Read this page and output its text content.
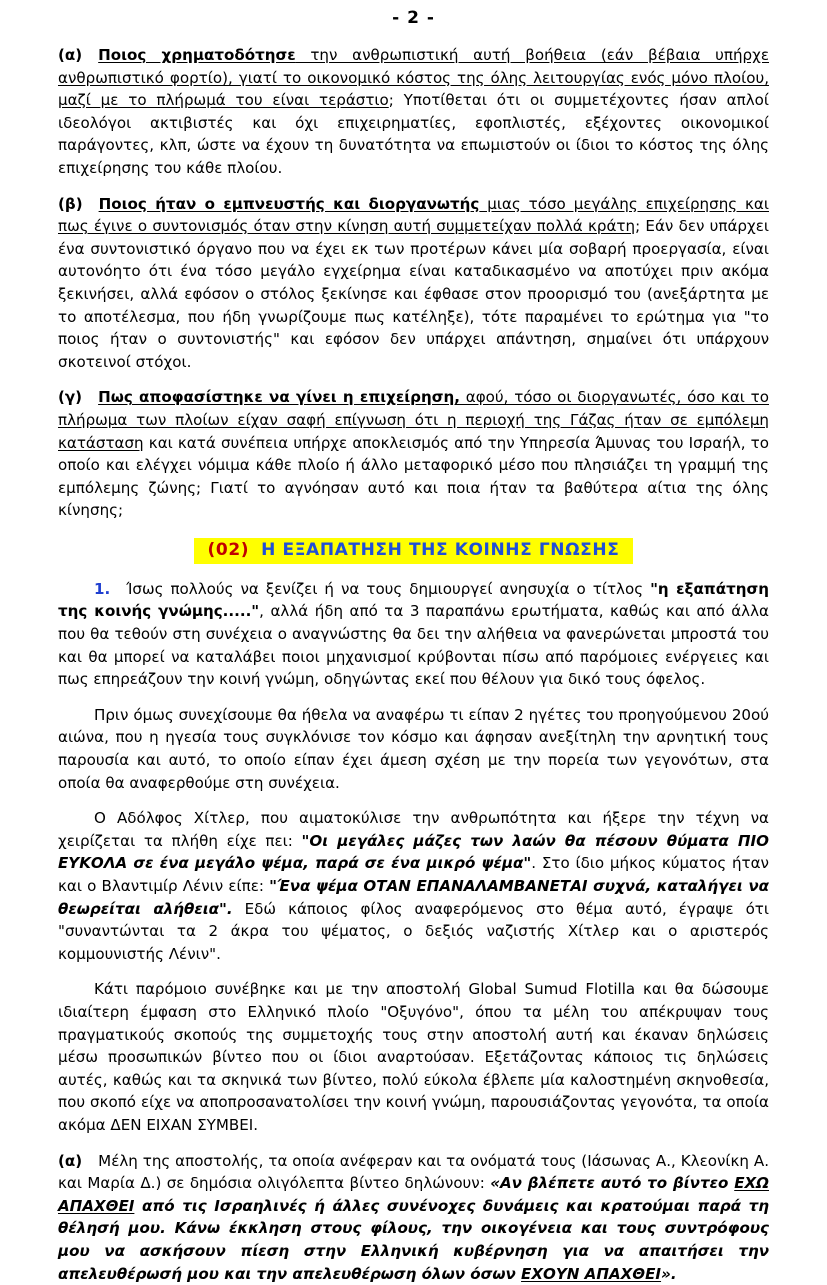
- 2 -

(α) Ποιος χρηματοδότησε την ανθρωπιστική αυτή βοήθεια (εάν βέβαια υπήρχε ανθρωπιστικό φορτίο), γιατί το οικονομικό κόστος της όλης λειτουργίας ενός μόνο πλοίου, μαζί με το πλήρωμά του είναι τεράστιο; Υποτίθεται ότι οι συμμετέχοντες ήσαν απλοί ιδεολόγοι ακτιβιστές και όχι επιχειρηματίες, εφοπλιστές, εξέχοντες οικονομικοί παράγοντες, κλπ, ώστε να έχουν τη δυνατότητα να επωμιστούν οι ίδιοι το κόστος της όλης επιχείρησης του κάθε πλοίου.

(β) Ποιος ήταν ο εμπνευστής και διοργανωτής μιας τόσο μεγάλης επιχείρησης και πως έγινε ο συντονισμός όταν στην κίνηση αυτή συμμετείχαν πολλά κράτη; Εάν δεν υπάρχει ένα συντονιστικό όργανο που να έχει εκ των προτέρων κάνει μία σοβαρή προεργασία, είναι αυτονόητο ότι ένα τόσο μεγάλο εγχείρημα είναι καταδικασμένο να αποτύχει πριν ακόμα ξεκινήσει, αλλά εφόσον ο στόλος ξεκίνησε και έφθασε στον προορισμό του (ανεξάρτητα με το αποτέλεσμα, που ήδη γνωρίζουμε πως κατέληξε), τότε παραμένει το ερώτημα για "το ποιος ήταν ο συντονιστής" και εφόσον δεν υπάρχει απάντηση, σημαίνει ότι υπάρχουν σκοτεινοί στόχοι.

(γ) Πως αποφασίστηκε να γίνει η επιχείρηση, αφού, τόσο οι διοργανωτές, όσο και το πλήρωμα των πλοίων είχαν σαφή επίγνωση ότι η περιοχή της Γάζας ήταν σε εμπόλεμη κατάσταση και κατά συνέπεια υπήρχε αποκλεισμός από την Υπηρεσία Άμυνας του Ισραήλ, το οποίο και ελέγχει νόμιμα κάθε πλοίο ή άλλο μεταφορικό μέσο που πλησιάζει τη γραμμή της εμπόλεμης ζώνης; Γιατί το αγνόησαν αυτό και ποια ήταν τα βαθύτερα αίτια της όλης κίνησης;

(02) Η ΕΞΑΠΑΤΗΣΗ ΤΗΣ ΚΟΙΝΗΣ ΓΝΩΣΗΣ

1. Ίσως πολλούς να ξενίζει ή να τους δημιουργεί ανησυχία ο τίτλος "η εξαπάτηση της κοινής γνώμης.....", αλλά ήδη από τα 3 παραπάνω ερωτήματα, καθώς και από άλλα που θα τεθούν στη συνέχεια ο αναγνώστης θα δει την αλήθεια να φανερώνεται μπροστά του και θα μπορεί να καταλάβει ποιοι μηχανισμοί κρύβονται πίσω από παρόμοιες ενέργειες και πως επηρεάζουν την κοινή γνώμη, οδηγώντας εκεί που θέλουν για δικό τους όφελος.

Πριν όμως συνεχίσουμε θα ήθελα να αναφέρω τι είπαν 2 ηγέτες του προηγούμενου 20ού αιώνα, που η ηγεσία τους συγκλόνισε τον κόσμο και άφησαν ανεξίτηλη την αρνητική τους παρουσία και αυτό, το οποίο είπαν έχει άμεση σχέση με την πορεία των γεγονότων, στα οποία θα αναφερθούμε στη συνέχεια.

Ο Αδόλφος Χίτλερ, που αιματοκύλισε την ανθρωπότητα και ήξερε την τέχνη να χειρίζεται τα πλήθη είχε πει: "Οι μεγάλες μάζες των λαών θα πέσουν θύματα ΠΙΟ ΕΥΚΟΛΑ σε ένα μεγάλο ψέμα, παρά σε ένα μικρό ψέμα". Στο ίδιο μήκος κύματος ήταν και ο Βλαντιμίρ Λένιν είπε: "Ένα ψέμα ΟΤΑΝ ΕΠΑΝΑΛΑΜΒΑΝΕΤΑΙ συχνά, καταλήγει να θεωρείται αλήθεια". Εδώ κάποιος φίλος αναφερόμενος στο θέμα αυτό, έγραψε ότι "συναντώνται τα 2 άκρα του ψέματος, ο δεξιός ναζιστής Χίτλερ και ο αριστερός κομμουνιστής Λένιν".

Κάτι παρόμοιο συνέβηκε και με την αποστολή Global Sumud Flotilla και θα δώσουμε ιδιαίτερη έμφαση στο Ελληνικό πλοίο "Οξυγόνο", όπου τα μέλη του απέκρυψαν τους πραγματικούς σκοπούς της συμμετοχής τους στην αποστολή αυτή και έκαναν δηλώσεις μέσω προσωπικών βίντεο που οι ίδιοι αναρτούσαν. Εξετάζοντας κάποιος τις δηλώσεις αυτές, καθώς και τα σκηνικά των βίντεο, πολύ εύκολα έβλεπε μία καλοστημένη σκηνοθεσία, που σκοπό είχε να αποπροσανατολίσει την κοινή γνώμη, παρουσιάζοντας γεγονότα, τα οποία ακόμα ΔΕΝ ΕΙΧΑΝ ΣΥΜΒΕΙ.

(α) Μέλη της αποστολής, τα οποία ανέφεραν και τα ονόματά τους (Ιάσωνας Α., Κλεονίκη Α. και Μαρία Δ.) σε δημόσια ολιγόλεπτα βίντεο δηλώνουν: «Αν βλέπετε αυτό το βίντεο ΕΧΩ ΑΠΑΧΘΕΙ από τις Ισραηλινές ή άλλες συνένοχες δυνάμεις και κρατούμαι παρά τη θέλησή μου. Κάνω έκκληση στους φίλους, την οικογένεια και τους συντρόφους μου να ασκήσουν πίεση στην Ελληνική κυβέρνηση για να απαιτήσει την απελευθέρωσή μου και την απελευθέρωση όλων όσων ΕΧΟΥΝ ΑΠΑΧΘΕΙ».
